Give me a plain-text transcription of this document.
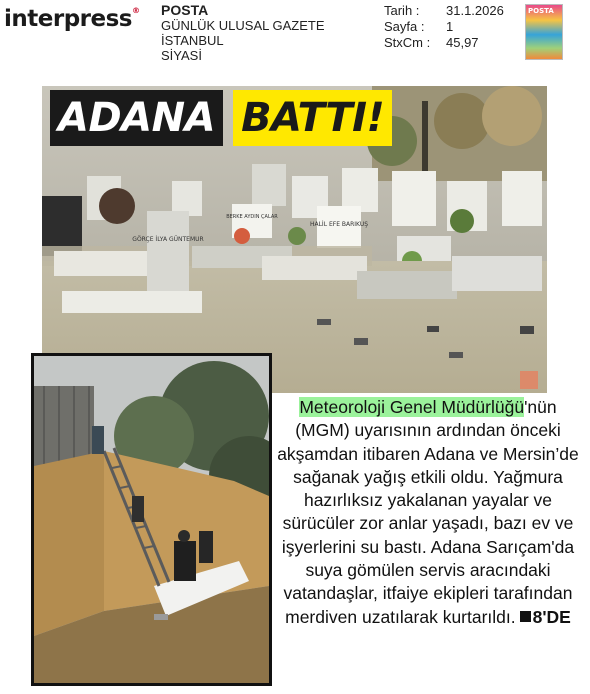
interpress® POSTA
GÜNLÜK ULUSAL GAZETE
İSTANBUL
SİYASİ
Tarih :	31.1.2026
Sayfa :	1
StxCm :	45,97
POSTA
GÖRÇE İLYA GÜNTEMUR
HALİL EFE BARIKUŞ
BERKE AYDIN ÇALAR
ADANA BATTI!

Meteoroloji Genel Müdürlüğü'nün (MGM) uyarısının ardından önceki akşamdan itibaren Adana ve Mersin’de sağanak yağış etkili oldu. Yağmura hazırlıksız yakalanan yayalar ve sürücüler zor anlar yaşadı, bazı ev ve işyerlerini su bastı. Adana Sarıçam'da suya gömülen servis aracındaki vatandaşlar, itfaiye ekipleri tarafından merdiven uzatılarak kurtarıldı. 8'DE
